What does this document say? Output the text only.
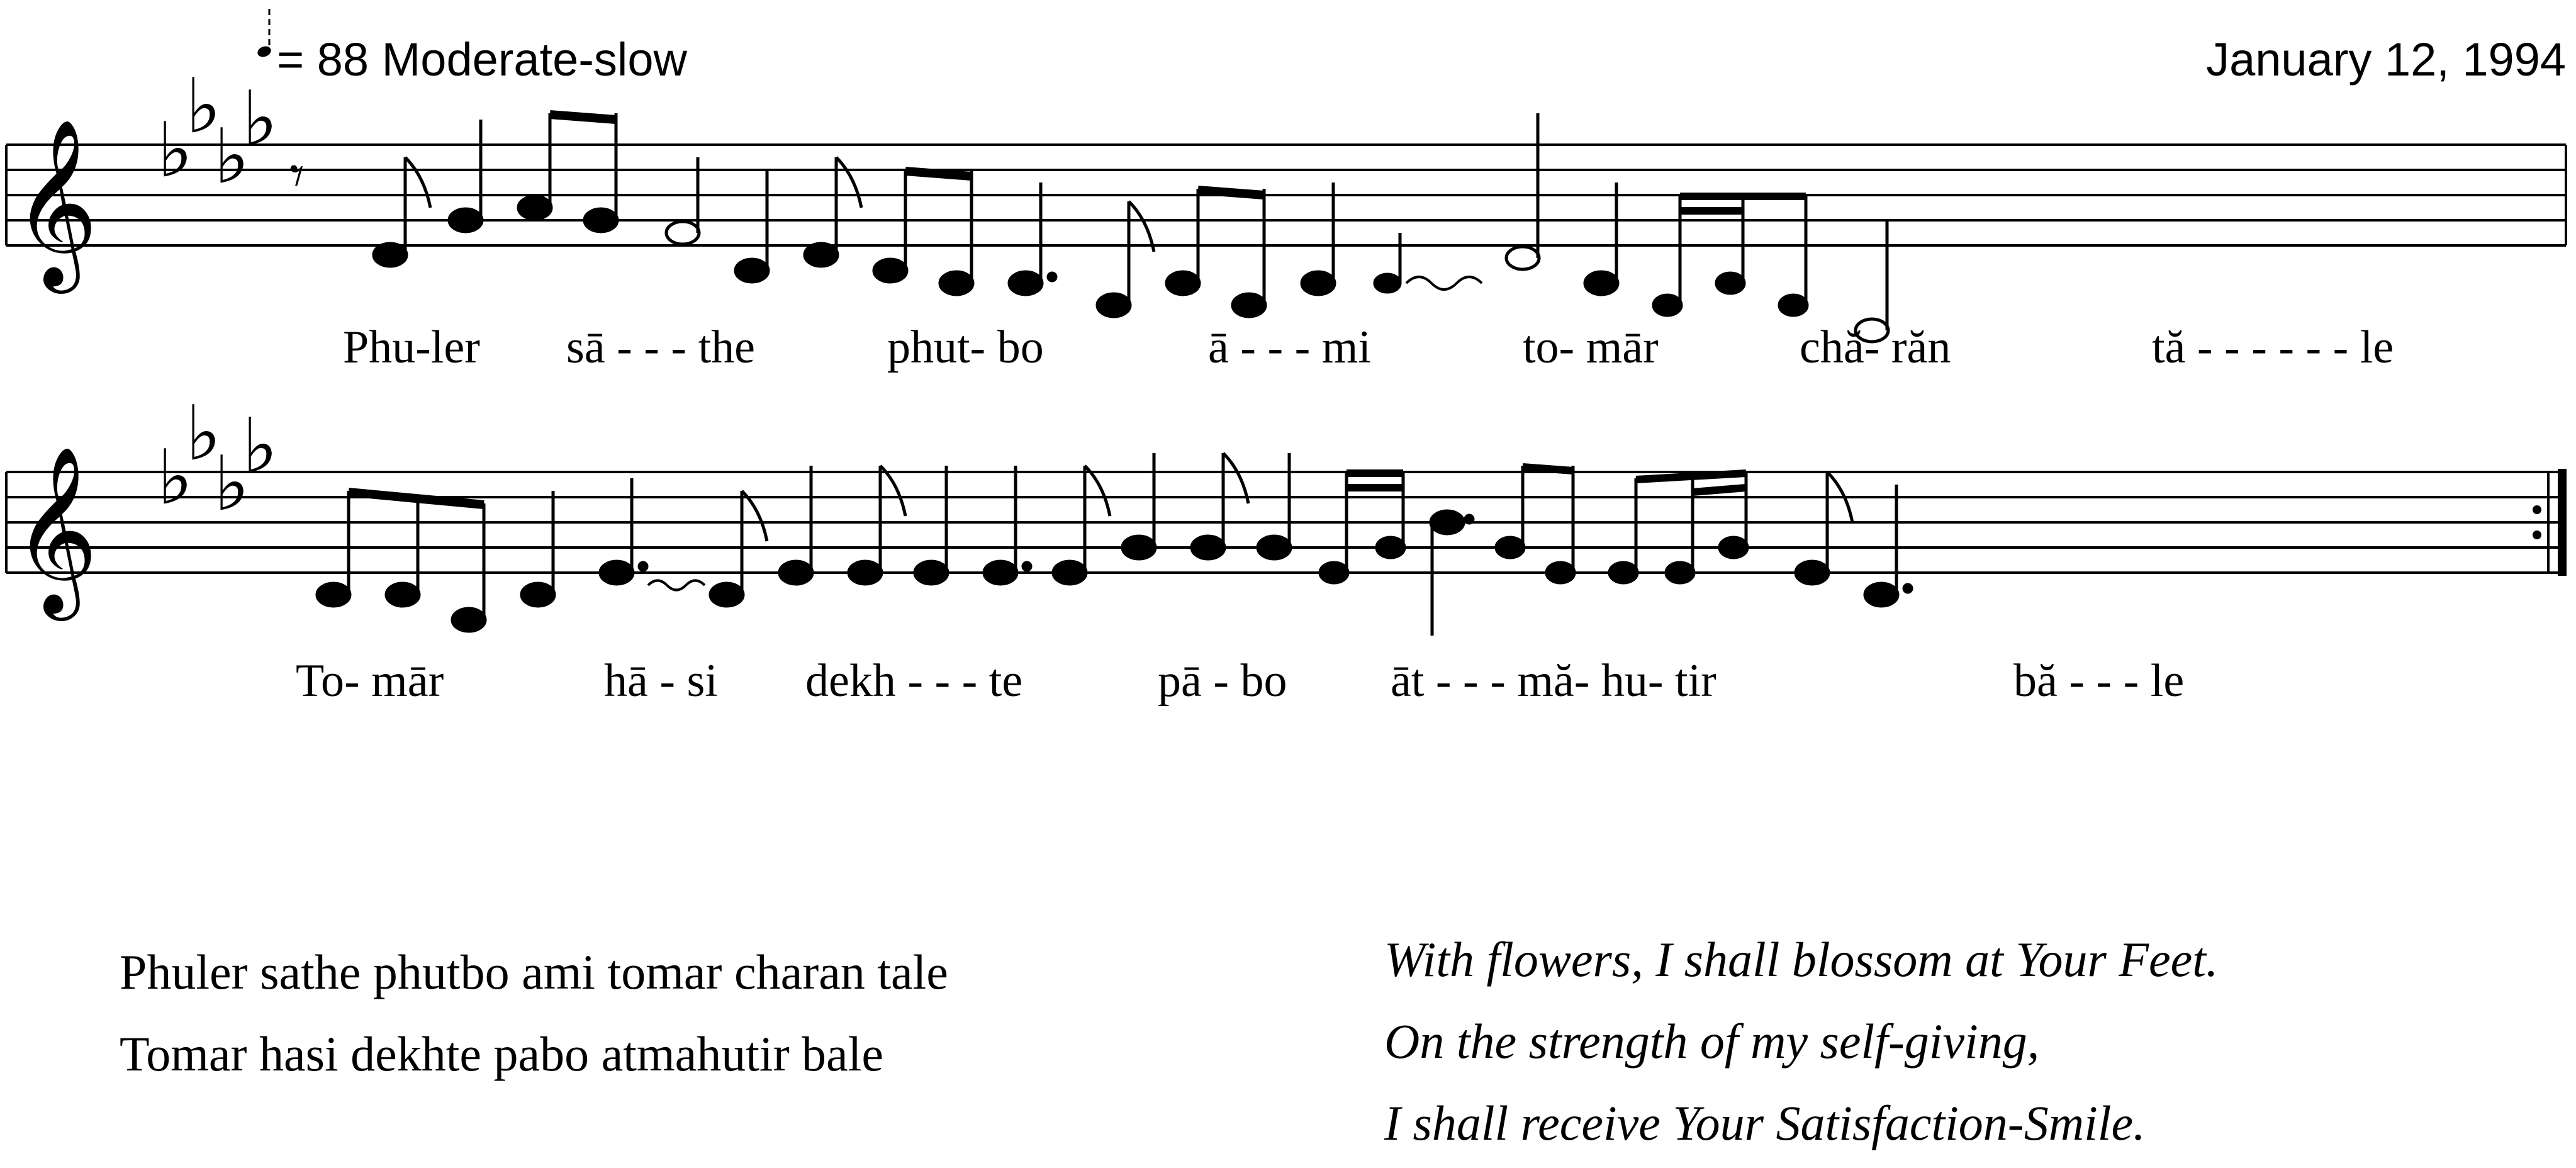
= 88 Moderate-slow	January 12, 1994
𝄞
𝄞
♭
♭
♭
♭
♭
♭
♭
♭
𝄾
Phu-ler sā - - - the	phut- bo	ā - - - mi	to- mār	chă- răn	tă - - - - - - le
To- mār	hā - si dekh - - - te	pā - bo āt - - - mă- hu- tir	bă - - - le
Phuler sathe phutbo ami tomar charan tale
Tomar hasi dekhte pabo atmahutir bale
With flowers, I shall blossom at Your Feet.
On the strength of my self-giving,
I shall receive Your Satisfaction-Smile.
